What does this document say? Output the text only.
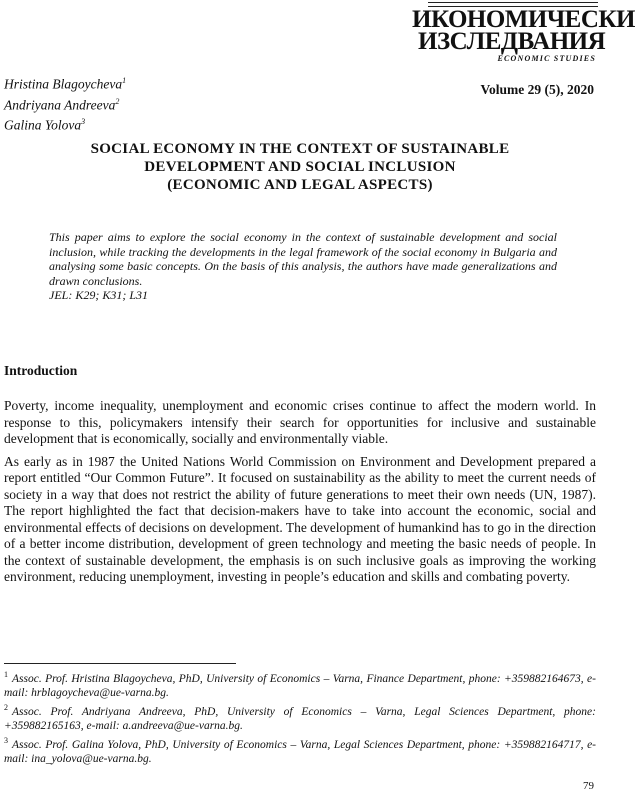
ИКОНОМИЧЕСКИ
ИЗСЛЕДВАНИЯ
ECONOMIC STUDIES
Hristina Blagoycheva$^1$
Andriyana Andreeva$^2$
Galina Yolova$^3$
Volume 29 (5), 2020
SOCIAL ECONOMY IN THE CONTEXT OF SUSTAINABLE
DEVELOPMENT AND SOCIAL INCLUSION
(ECONOMIC AND LEGAL ASPECTS)

This paper aims to explore the social economy in the context of sustainable development and social inclusion, while tracking the developments in the legal framework of the social economy in Bulgaria and analysing some basic concepts. On the basis of this analysis, the authors have made generalizations and drawn conclusions.

JEL: K29; K31; L31

Introduction

Poverty, income inequality, unemployment and economic crises continue to affect the modern world. In response to this, policymakers intensify their search for opportunities for inclusive and sustainable development that is economically, socially and environmentally viable.

As early as in 1987 the United Nations World Commission on Environment and Development prepared a report entitled “Our Common Future”. It focused on sustainability as the ability to meet the current needs of society in a way that does not restrict the ability of future generations to meet their own needs (UN, 1987). The report highlighted the fact that decision-makers have to take into account the economic, social and environmental effects of decisions on development. The development of humankind has to go in the direction of a better income distribution, development of green technology and meeting the basic needs of people. In the context of sustainable development, the emphasis is on such inclusive goals as improving the working environment, reducing unemployment, investing in people’s education and skills and combating poverty.

$^1$ Assoc. Prof. Hristina Blagoycheva, PhD, University of Economics – Varna, Finance Department, phone: +359882164673, e-mail: hrblagoycheva@ue-varna.bg.

$^2$ Assoc. Prof. Andriyana Andreeva, PhD, University of Economics – Varna, Legal Sciences Department, phone: +359882165163, e-mail: a.andreeva@ue-varna.bg.

$^3$ Assoc. Prof. Galina Yolova, PhD, University of Economics – Varna, Legal Sciences Department, phone: +359882164717, e-mail: ina_yolova@ue-varna.bg.

79
